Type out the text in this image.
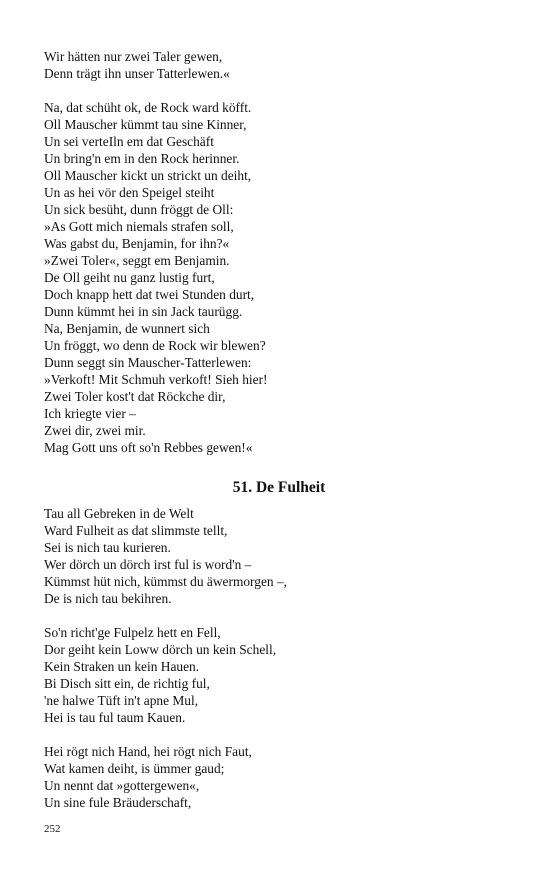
Wir hätten nur zwei Taler gewen,
Denn trägt ihn unser Tatterlewen.«
Na, dat schüht ok, de Rock ward köfft.
Oll Mauscher kümmt tau sine Kinner,
Un sei verteIln em dat Geschäft
Un bring'n em in den Rock herinner.
Oll Mauscher kickt un strickt un deiht,
Un as hei vör den Speigel steiht
Un sick besüht, dunn fröggt de Oll:
»As Gott mich niemals strafen soll,
Was gabst du, Benjamin, for ihn?«
»Zwei Toler«, seggt em Benjamin.
De Oll geiht nu ganz lustig furt,
Doch knapp hett dat twei Stunden durt,
Dunn kümmt hei in sin Jack taurügg.
Na, Benjamin, de wunnert sich
Un fröggt, wo denn de Rock wir blewen?
Dunn seggt sin Mauscher-Tatterlewen:
»Verkoft! Mit Schmuh verkoft! Sieh hier!
Zwei Toler kost't dat Röckche dir,
Ich kriegte vier –
Zwei dir, zwei mir.
Mag Gott uns oft so'n Rebbes gewen!«
51. De Fulheit
Tau all Gebreken in de Welt
Ward Fulheit as dat slimmste tellt,
Sei is nich tau kurieren.
Wer dörch un dörch irst ful is word'n –
Kümmst hüt nich, kümmst du äwermorgen –,
De is nich tau bekihren.
So'n richt'ge Fulpelz hett en Fell,
Dor geiht kein Loww dörch un kein Schell,
Kein Straken un kein Hauen.
Bi Disch sitt ein, de richtig ful,
'ne halwe Tüft in't apne Mul,
Hei is tau ful taum Kauen.
Hei rögt nich Hand, hei rögt nich Faut,
Wat kamen deiht, is ümmer gaud;
Un nennt dat »gottergewen«,
Un sine fule Bräuderschaft,
252
